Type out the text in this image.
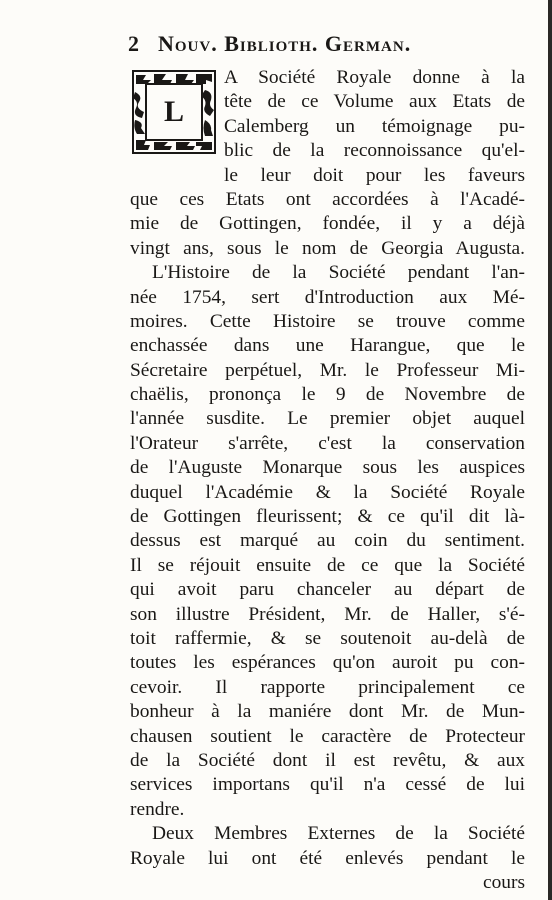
2 Nouv. Biblioth. German.
L
A Société Royale donne à la
tête de ce Volume aux Etats de
Calemberg un témoignage pu-
blic de la reconnoissance qu'el-
le leur doit pour les faveurs
que ces Etats ont accordées à l'Acadé-
mie de Gottingen, fondée, il y a déjà
vingt ans, sous le nom de Georgia Augusta.
L'Histoire de la Société pendant l'an-
née 1754, sert d'Introduction aux Mé-
moires. Cette Histoire se trouve comme
enchassée dans une Harangue, que le
Sécretaire perpétuel, Mr. le Professeur Mi-
chaëlis, prononça le 9 de Novembre de
l'année susdite. Le premier objet auquel
l'Orateur s'arrête, c'est la conservation
de l'Auguste Monarque sous les auspices
duquel l'Académie & la Société Royale
de Gottingen fleurissent; & ce qu'il dit là-
dessus est marqué au coin du sentiment.
Il se réjouit ensuite de ce que la Société
qui avoit paru chanceler au départ de
son illustre Président, Mr. de Haller, s'é-
toit raffermie, & se soutenoit au-delà de
toutes les espérances qu'on auroit pu con-
cevoir. Il rapporte principalement ce
bonheur à la maniére dont Mr. de Mun-
chausen soutient le caractère de Protecteur
de la Société dont il est revêtu, & aux
services importans qu'il n'a cessé de lui
rendre.
Deux Membres Externes de la Société
Royale lui ont été enlevés pendant le
cours
